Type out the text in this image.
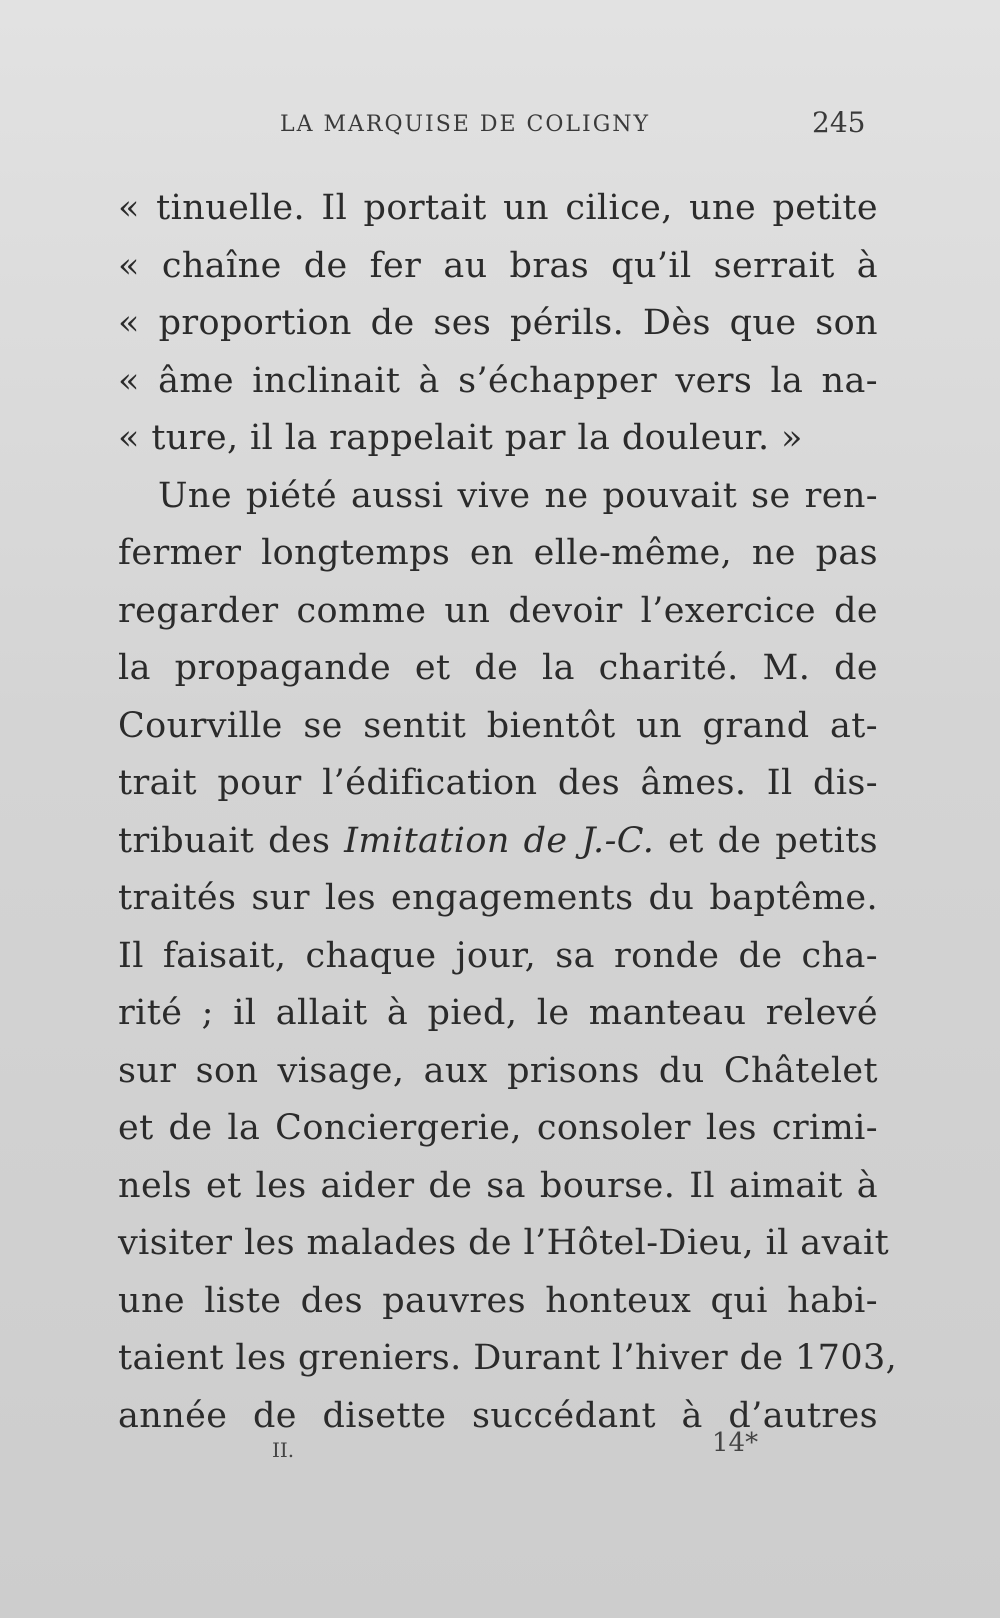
LA MARQUISE DE COLIGNY	245
« tinuelle. Il portait un cilice, une petite
« chaîne de fer au bras qu’il serrait à
« proportion de ses périls. Dès que son
« âme inclinait à s’échapper vers la na-
« ture, il la rappelait par la douleur. »
Une piété aussi vive ne pouvait se ren-
fermer longtemps en elle-même, ne pas
regarder comme un devoir l’exercice de
la propagande et de la charité. M. de
Courville se sentit bientôt un grand at-
trait pour l’édification des âmes. Il dis-
tribuait des Imitation de J.-C. et de petits
traités sur les engagements du baptême.
Il faisait, chaque jour, sa ronde de cha-
rité ; il allait à pied, le manteau relevé
sur son visage, aux prisons du Châtelet
et de la Conciergerie, consoler les crimi-
nels et les aider de sa bourse. Il aimait à
visiter les malades de l’Hôtel-Dieu, il avait
une liste des pauvres honteux qui habi-
taient les greniers. Durant l’hiver de 1703,
année de disette succédant à d’autres
II.	14*
